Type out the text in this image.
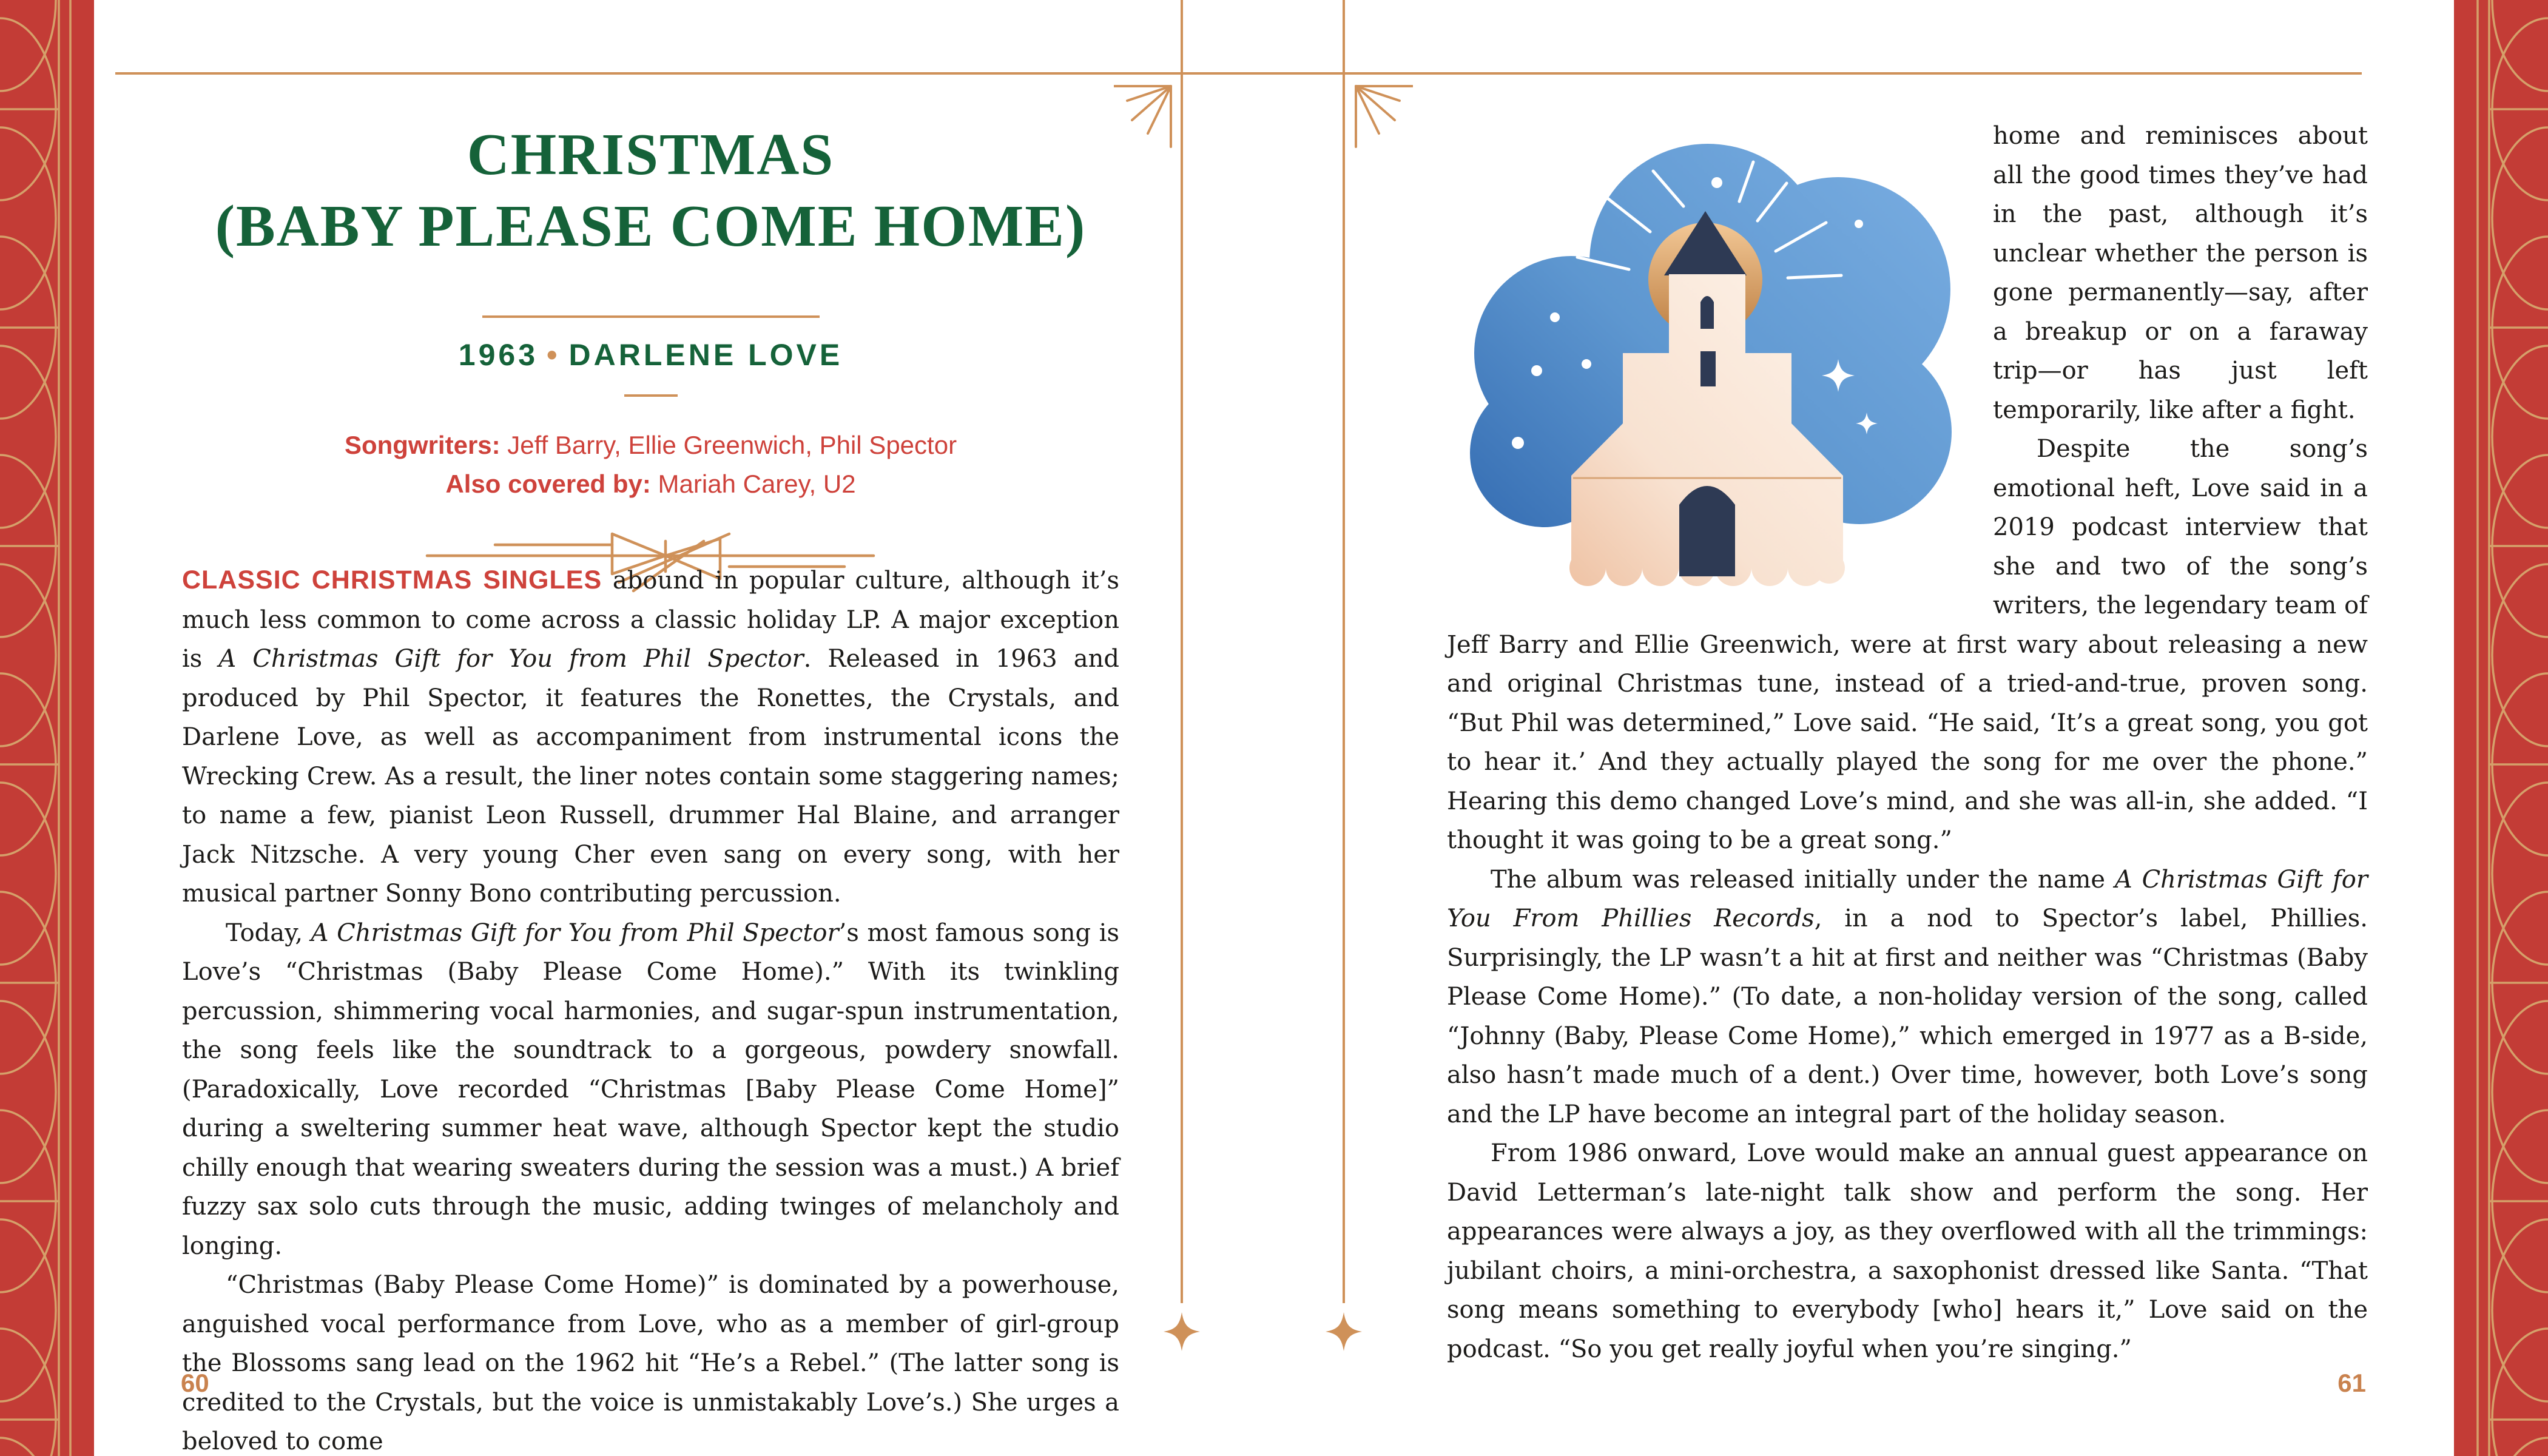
CHRISTMAS
(BABY PLEASE COME HOME)
1963 • DARLENE LOVE
Songwriters: Jeff Barry, Ellie Greenwich, Phil Spector
Also covered by: Mariah Carey, U2

CLASSIC CHRISTMAS SINGLES abound in popular culture, although it’s much less common to come across a classic holiday LP. A major exception is A Christmas Gift for You from Phil Spector. Released in 1963 and produced by Phil Spector, it features the Ronettes, the Crystals, and Darlene Love, as well as accompaniment from instrumental icons the Wrecking Crew. As a result, the liner notes contain some staggering names; to name a few, pianist Leon Russell, drummer Hal Blaine, and arranger Jack Nitzsche. A very young Cher even sang on every song, with her musical partner Sonny Bono contributing percussion.

Today, A Christmas Gift for You from Phil Spector’s most famous song is Love’s “Christmas (Baby Please Come Home).” With its twinkling percussion, shimmering vocal harmonies, and sugar-spun instrumentation, the song feels like the soundtrack to a gorgeous, powdery snowfall. (Paradoxically, Love recorded “Christmas [Baby Please Come Home]” during a sweltering summer heat wave, although Spector kept the studio chilly enough that wearing sweaters during the session was a must.) A brief fuzzy sax solo cuts through the music, adding twinges of melancholy and longing.

“Christmas (Baby Please Come Home)” is dominated by a powerhouse, anguished vocal performance from Love, who as a member of girl-group the Blossoms sang lead on the 1962 hit “He’s a Rebel.” (The latter song is credited to the Crystals, but the voice is unmistakably Love’s.) She urges a beloved to come

60

home and reminisces about all the good times they’ve had in the past, although it’s unclear whether the person is gone permanently—say, after a breakup or on a faraway trip—or has just left temporarily, like after a fight.

Despite the song’s emotional heft, Love said in a 2019 podcast interview that she and two of the song’s writers, the legendary team of Jeff Barry and Ellie Greenwich, were at first wary about releasing a new and original Christmas tune, instead of a tried-and-true, proven song. “But Phil was determined,” Love said. “He said, ‘It’s a great song, you got to hear it.’ And they actually played the song for me over the phone.” Hearing this demo changed Love’s mind, and she was all-in, she added. “I thought it was going to be a great song.”

The album was released initially under the name A Christmas Gift for You From Phillies Records, in a nod to Spector’s label, Phillies. Surprisingly, the LP wasn’t a hit at first and neither was “Christmas (Baby Please Come Home).” (To date, a non-holiday version of the song, called “Johnny (Baby, Please Come Home),” which emerged in 1977 as a B-side, also hasn’t made much of a dent.) Over time, however, both Love’s song and the LP have become an integral part of the holiday season.

From 1986 onward, Love would make an annual guest appearance on David Letterman’s late-night talk show and perform the song. Her appearances were always a joy, as they overflowed with all the trimmings: jubilant choirs, a mini-orchestra, a saxophonist dressed like Santa. “That song means something to everybody [who] hears it,” Love said on the podcast. “So you get really joyful when you’re singing.”

61
